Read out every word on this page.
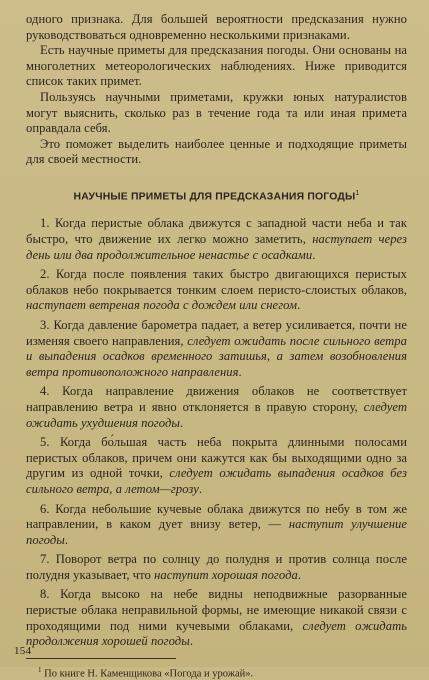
одного признака. Для большей вероятности предсказания нужно руководствоваться одновременно несколькими признаками.

Есть научные приметы для предсказания погоды. Они основаны на многолетних метеорологических наблюдениях. Ниже приводится список таких примет.

Пользуясь научными приметами, кружки юных натуралистов могут выяснить, сколько раз в течение года та или иная примета оправдала себя.

Это поможет выделить наиболее ценные и подходящие приметы для своей местности.

НАУЧНЫЕ ПРИМЕТЫ ДЛЯ ПРЕДСКАЗАНИЯ ПОГОДЫ$^1$

1. Когда перистые облака движутся с западной части неба и так быстро, что движение их легко можно заметить, наступает через день или два продолжительное ненастье с осадками.

2. Когда после появления таких быстро двигающихся перистых облаков небо покрывается тонким слоем перисто-слоистых облаков, наступает ветреная погода с дождем или снегом.

3. Когда давление барометра падает, а ветер усиливается, почти не изменяя своего направления, следует ожидать после сильного ветра и выпадения осадков временного затишья, а затем возобновления ветра противоположного направления.

4. Когда направление движения облаков не соответствует направлению ветра и явно отклоняется в правую сторону, следует ожидать ухудшения погоды.

5. Когда бо́льшая часть неба покрыта длинными полосами перистых облаков, причем они кажутся как бы выходящими одно за другим из одной точки, следует ожидать выпадения осадков без сильного ветра, а летом—грозу.

6. Когда небольшие кучевые облака движутся по небу в том же направлении, в каком дует внизу ветер, — наступит улучшение погоды.

7. Поворот ветра по солнцу до полудня и против солнца после полудня указывает, что наступит хорошая погода.

8. Когда высоко на небе видны неподвижные разорванные перистые облака неправильной формы, не имеющие никакой связи с проходящими под ними кучевыми облаками, следует ожидать продолжения хорошей погоды.

$^1$ По книге Н. Каменщикова «Погода и урожай».

154
